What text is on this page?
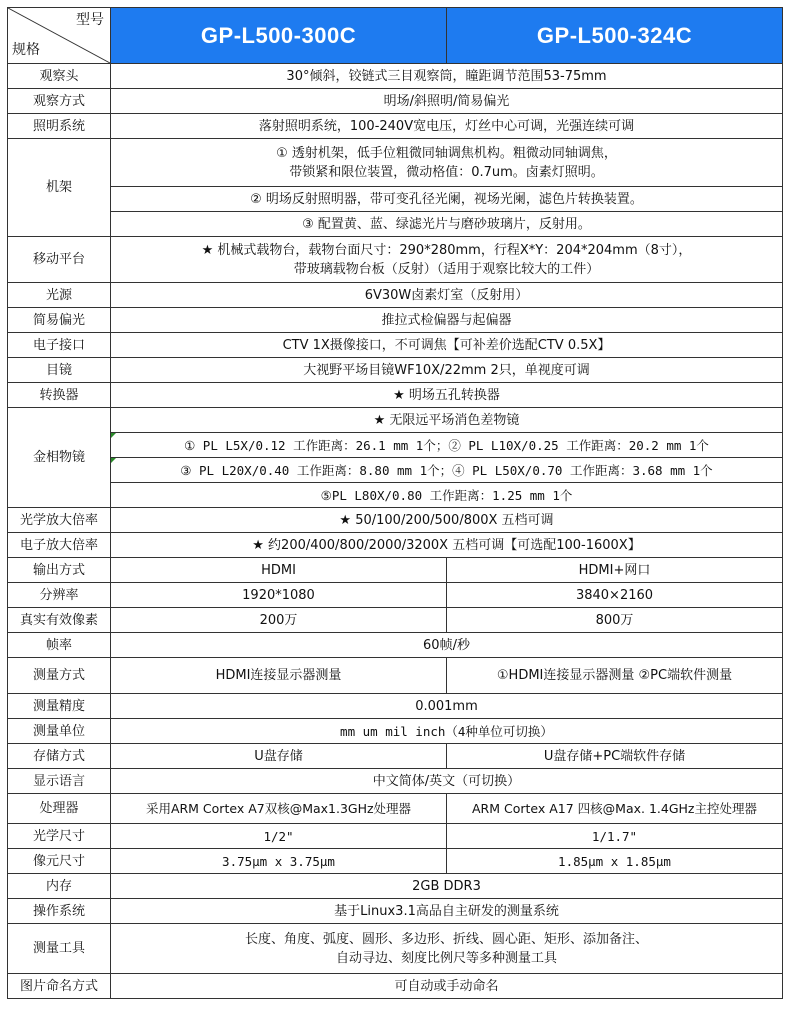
型号
规格	GP-L500-300C	GP-L500-324C
观察头	30°倾斜，铰链式三目观察筒，瞳距调节范围53-75mm	
观察方式	明场/斜照明/简易偏光	
照明系统	落射照明系统，100-240V宽电压，灯丝中心可调，光强连续可调	
机架	① 透射机架，低手位粗微同轴调焦机构。粗微动同轴调焦，
带锁紧和限位装置，微动格值：0.7um。卤素灯照明。	

	② 明场反射照明器，带可变孔径光阑，视场光阑，滤色片转换装置。	
	③ 配置黄、蓝、绿滤光片与磨砂玻璃片，反射用。	
移动平台	★ 机械式载物台，载物台面尺寸：290*280mm，行程X*Y：204*204mm（8寸），
带玻璃载物台板（反射）（适用于观察比较大的工件）	

光源	6V30W卤素灯室（反射用）	
简易偏光	推拉式检偏器与起偏器	
电子接口	CTV 1X摄像接口，不可调焦【可补差价选配CTV 0.5X】	
目镜	大视野平场目镜WF10X/22mm 2只，单视度可调	
转换器	★ 明场五孔转换器	
金相物镜	★ 无限远平场消色差物镜	
	① PL L5X/0.12 工作距离：26.1 mm 1个；② PL L10X/0.25 工作距离：20.2 mm 1个	
	③ PL L20X/0.40 工作距离：8.80 mm 1个；④ PL L50X/0.70 工作距离：3.68 mm 1个	
	⑤PL L80X/0.80 工作距离：1.25 mm 1个	
光学放大倍率	★ 50/100/200/500/800X 五档可调	
电子放大倍率	★ 约200/400/800/2000/3200X 五档可调【可选配100-1600X】	
输出方式	HDMI	HDMI+网口
分辨率	1920*1080	3840×2160
真实有效像素	200万	800万
帧率	60帧/秒	
测量方式	HDMI连接显示器测量	①HDMI连接显示器测量 ②PC端软件测量
测量精度	0.001mm	
测量单位	mm um mil inch（4种单位可切换）	
存储方式	U盘存储	U盘存储+PC端软件存储
显示语言	中文简体/英文（可切换）	
处理器	采用ARM Cortex A7双核@Max1.3GHz处理器	ARM Cortex A17 四核@Max. 1.4GHz主控处理器
光学尺寸	1/2"	1/1.7"
像元尺寸	3.75μm x 3.75μm	1.85μm x 1.85μm
内存	2GB DDR3	
操作系统	基于Linux3.1高品自主研发的测量系统	
测量工具	长度、角度、弧度、圆形、多边形、折线、圆心距、矩形、添加备注、
自动寻边、刻度比例尺等多种测量工具	

图片命名方式	可自动或手动命名	
